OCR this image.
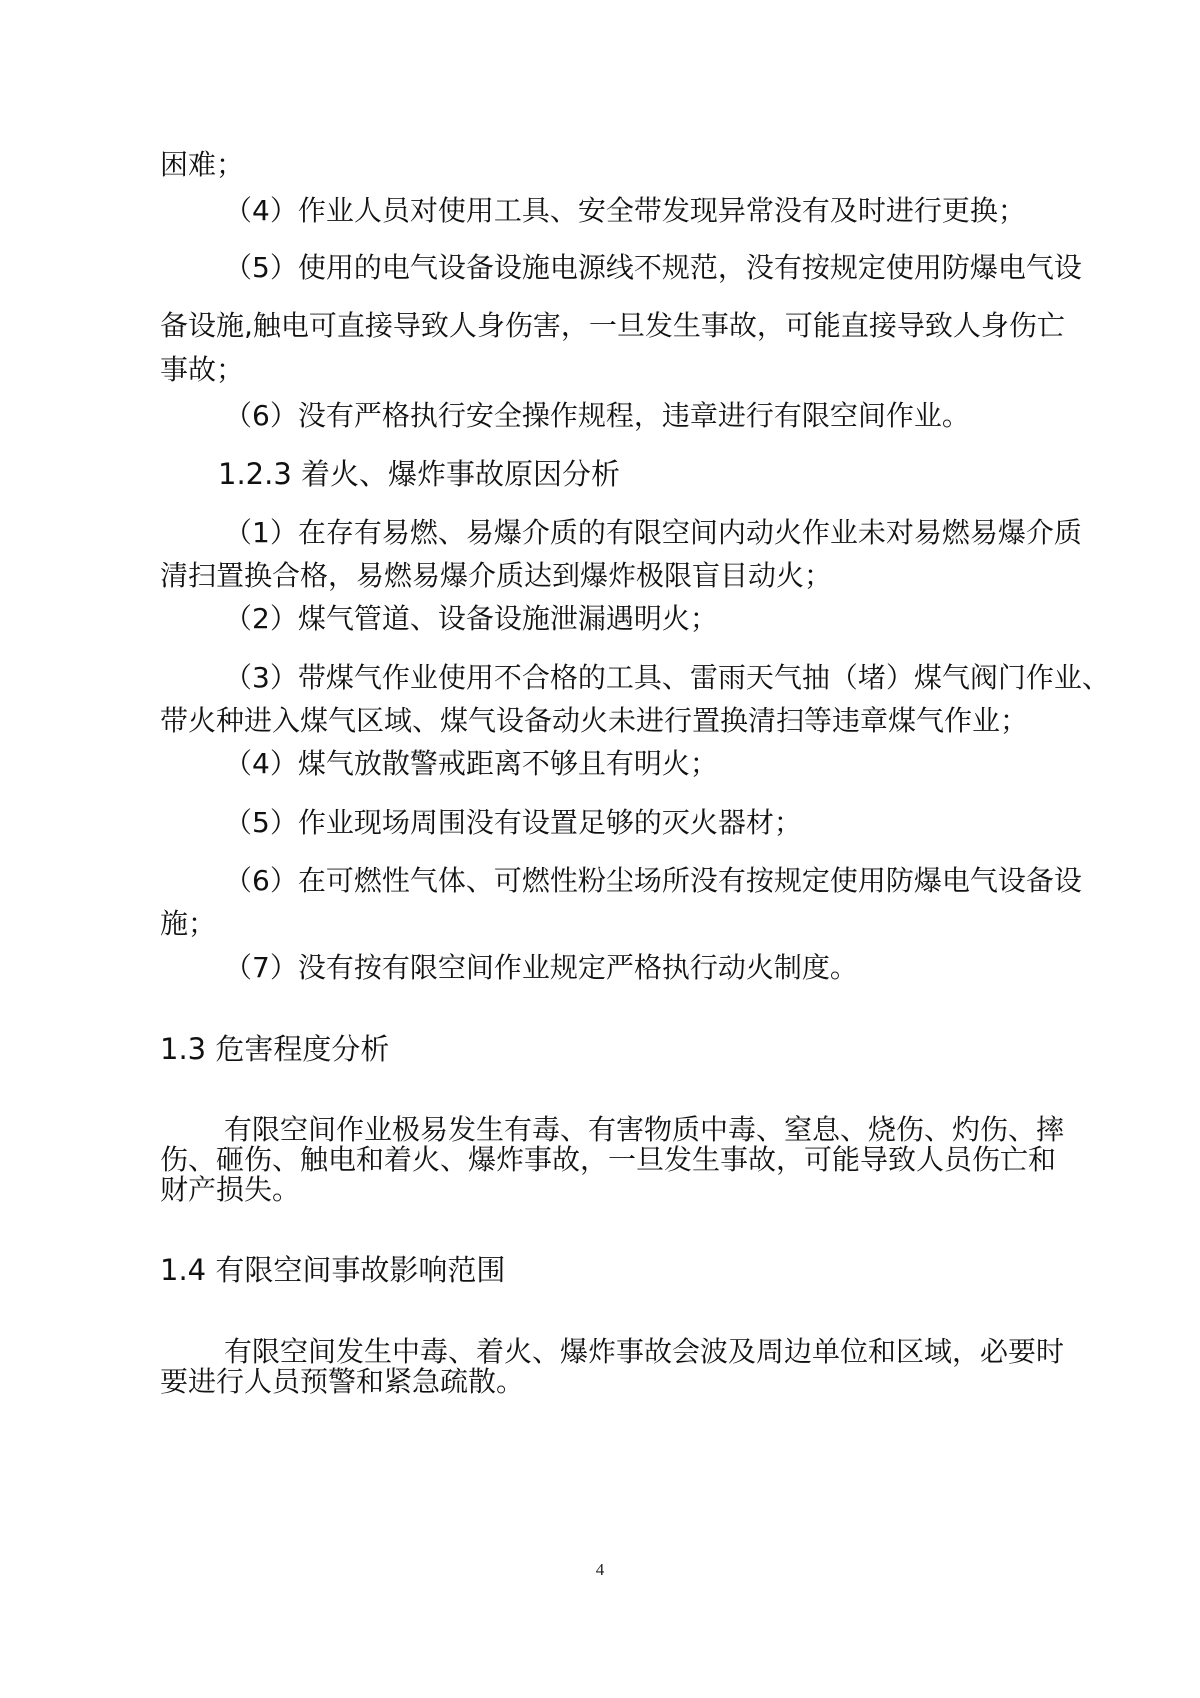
困难；

（4）作业人员对使用工具、安全带发现异常没有及时进行更换；

（5）使用的电气设备设施电源线不规范，没有按规定使用防爆电气设

备设施,触电可直接导致人身伤害，一旦发生事故，可能直接导致人身伤亡

事故；

（6）没有严格执行安全操作规程，违章进行有限空间作业。

1.2.3 着火、爆炸事故原因分析

（1）在存有易燃、易爆介质的有限空间内动火作业未对易燃易爆介质

清扫置换合格，易燃易爆介质达到爆炸极限盲目动火；

（2）煤气管道、设备设施泄漏遇明火；

（3）带煤气作业使用不合格的工具、雷雨天气抽（堵）煤气阀门作业、

带火种进入煤气区域、煤气设备动火未进行置换清扫等违章煤气作业；

（4）煤气放散警戒距离不够且有明火；

（5）作业现场周围没有设置足够的灭火器材；

（6）在可燃性气体、可燃性粉尘场所没有按规定使用防爆电气设备设

施；

（7）没有按有限空间作业规定严格执行动火制度。

1.3 危害程度分析

有限空间作业极易发生有毒、有害物质中毒、窒息、烧伤、灼伤、摔

伤、砸伤、触电和着火、爆炸事故，一旦发生事故，可能导致人员伤亡和

财产损失。

1.4 有限空间事故影响范围

有限空间发生中毒、着火、爆炸事故会波及周边单位和区域，必要时

要进行人员预警和紧急疏散。

4
